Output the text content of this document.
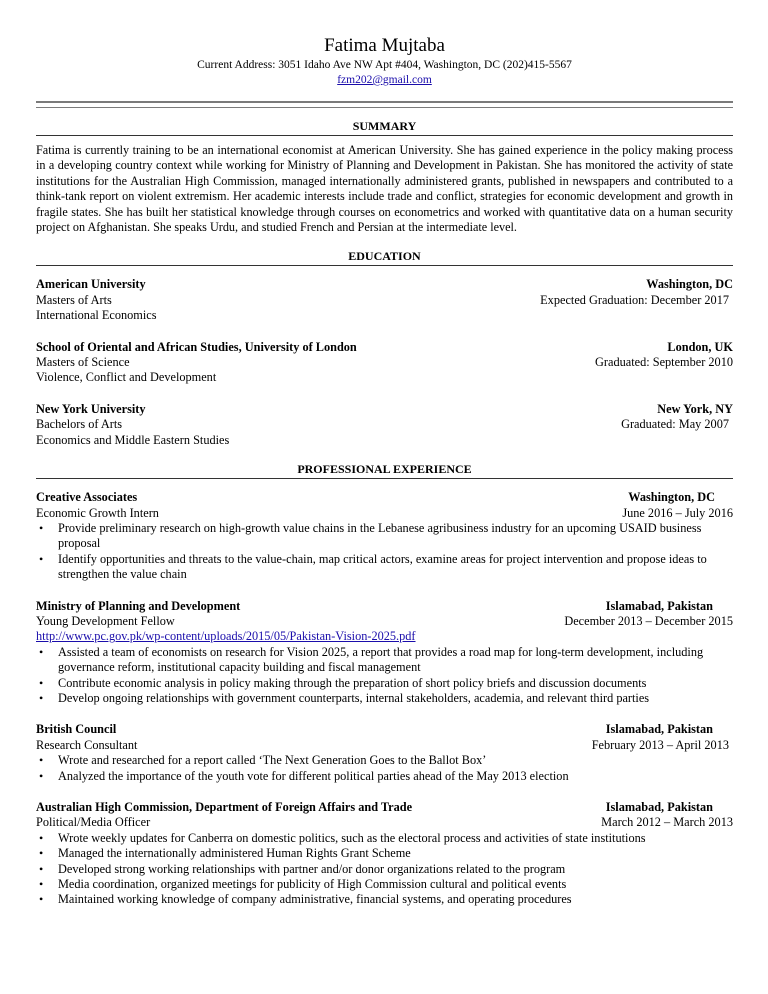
Fatima Mujtaba
Current Address: 3051 Idaho Ave NW Apt #404, Washington, DC (202)415-5567
fzm202@gmail.com
SUMMARY
Fatima is currently training to be an international economist at American University. She has gained experience in the policy making process in a developing country context while working for Ministry of Planning and Development in Pakistan. She has monitored the activity of state institutions for the Australian High Commission, managed internationally administered grants, published in newspapers and contributed to a think-tank report on violent extremism. Her academic interests include trade and conflict, strategies for economic development and growth in fragile states. She has built her statistical knowledge through courses on econometrics and worked with quantitative data on a human security project on Afghanistan. She speaks Urdu, and studied French and Persian at the intermediate level.
EDUCATION
American University	Washington, DC
Masters of Arts	Expected Graduation: December 2017
International Economics
School of Oriental and African Studies, University of London	London, UK
Masters of Science	Graduated: September 2010
Violence, Conflict and Development
New York University	New York, NY
Bachelors of Arts	Graduated: May 2007
Economics and Middle Eastern Studies
PROFESSIONAL EXPERIENCE
Creative Associates	Washington, DC
Economic Growth Intern	June 2016 – July 2016
• Provide preliminary research on high-growth value chains in the Lebanese agribusiness industry for an upcoming USAID business proposal
• Identify opportunities and threats to the value-chain, map critical actors, examine areas for project intervention and propose ideas to strengthen the value chain
Ministry of Planning and Development	Islamabad, Pakistan
Young Development Fellow	December 2013 – December 2015
http://www.pc.gov.pk/wp-content/uploads/2015/05/Pakistan-Vision-2025.pdf
• Assisted a team of economists on research for Vision 2025, a report that provides a road map for long-term development, including governance reform, institutional capacity building and fiscal management
• Contribute economic analysis in policy making through the preparation of short policy briefs and discussion documents
• Develop ongoing relationships with government counterparts, internal stakeholders, academia, and relevant third parties
British Council	Islamabad, Pakistan
Research Consultant	February 2013 – April 2013
• Wrote and researched for a report called ‘The Next Generation Goes to the Ballot Box’
• Analyzed the importance of the youth vote for different political parties ahead of the May 2013 election
Australian High Commission, Department of Foreign Affairs and Trade	Islamabad, Pakistan
Political/Media Officer	March 2012 – March 2013
• Wrote weekly updates for Canberra on domestic politics, such as the electoral process and activities of state institutions
• Managed the internationally administered Human Rights Grant Scheme
• Developed strong working relationships with partner and/or donor organizations related to the program
• Media coordination, organized meetings for publicity of High Commission cultural and political events
• Maintained working knowledge of company administrative, financial systems, and operating procedures
